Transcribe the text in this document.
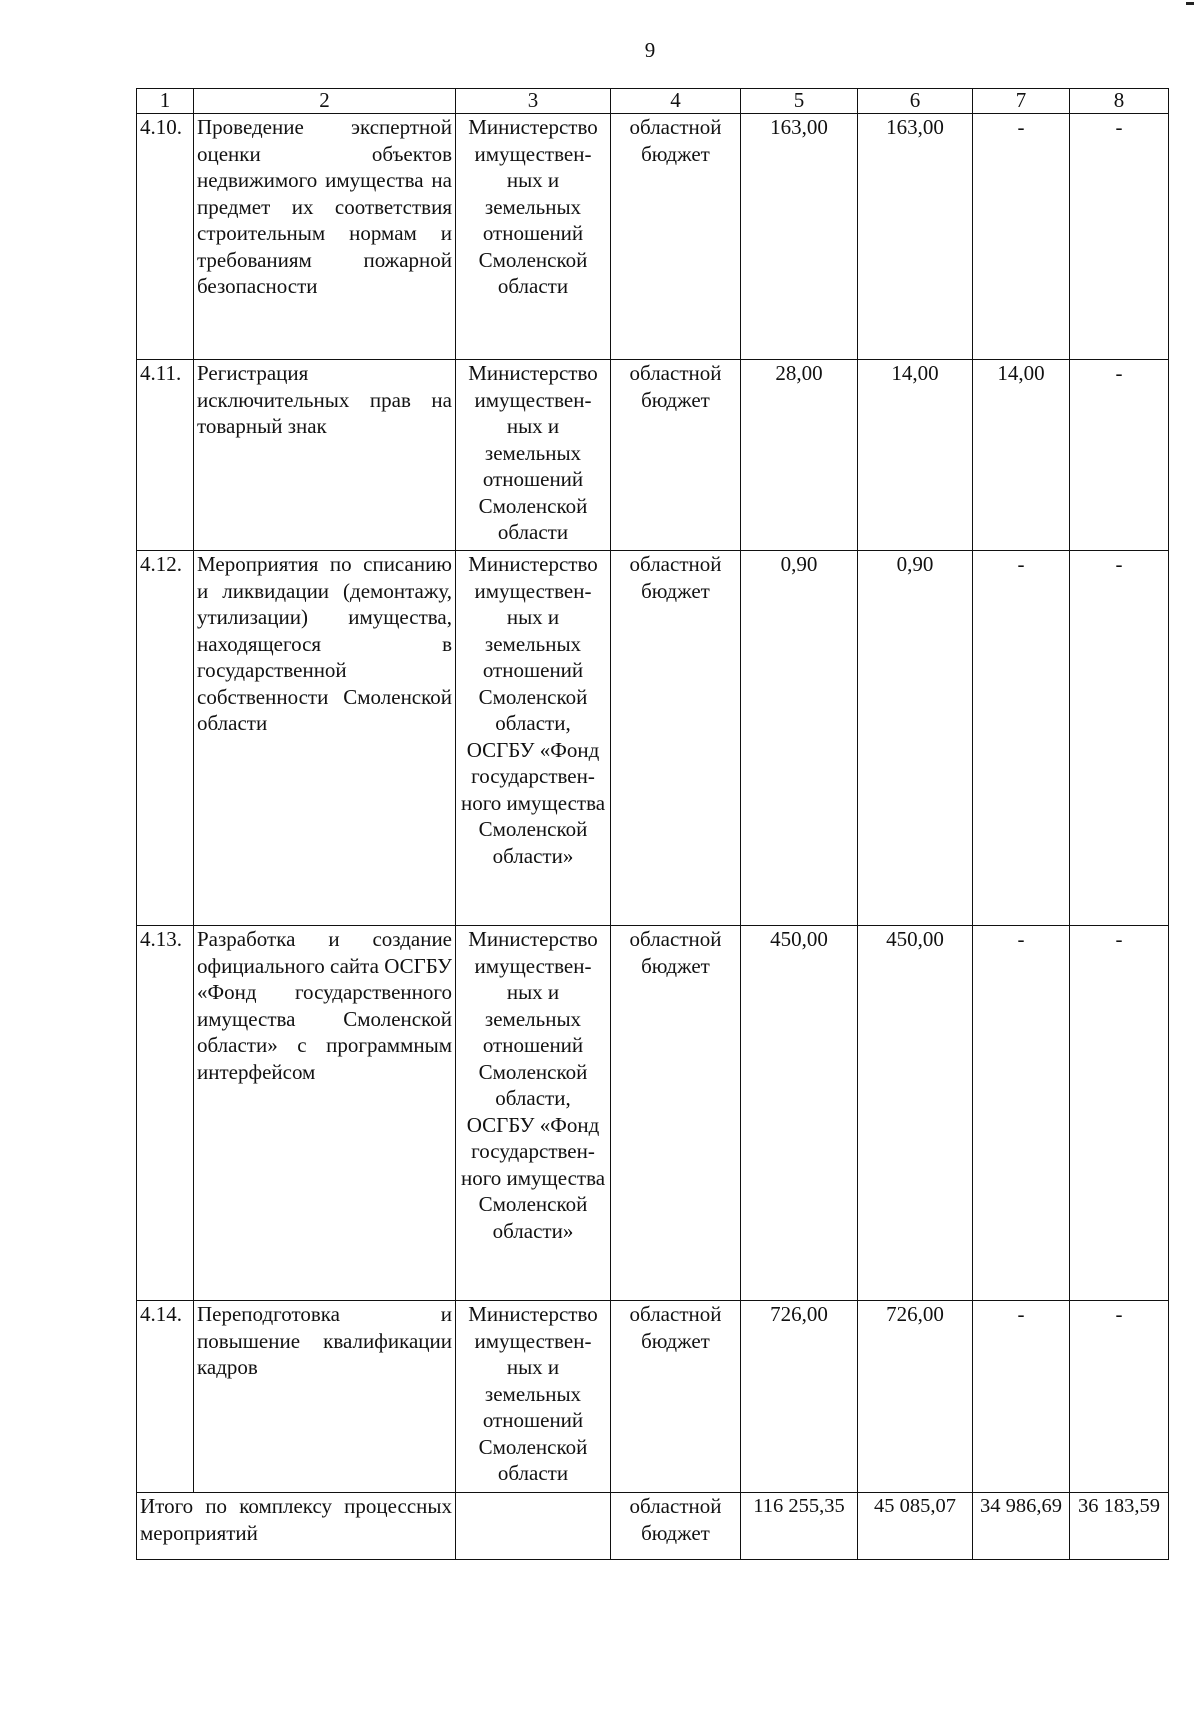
9
1	2	3	4	5	6	7	8
4.10.	Проведение экспертной оценки объектов недвижимого имущества на предмет их соответствия строительным нормам и требованиям пожарной безопасности	Министерство имуществен-ных и земельных отношений Смоленской области	областной бюджет	163,00	163,00	-	-
4.11.	Регистрация исключительных прав на товарный знак	Министерство имуществен-ных и земельных отношений Смоленской области	областной бюджет	28,00	14,00	14,00	-
4.12.	Мероприятия по списанию и ликвидации (демонтажу, утилизации) имущества, находящегося в государственной собственности Смоленской области	Министерство имуществен-ных и земельных отношений Смоленской области, ОСГБУ «Фонд государствен-ного имущества Смоленской области»	областной бюджет	0,90	0,90	-	-
4.13.	Разработка и создание официального сайта ОСГБУ «Фонд государственного имущества Смоленской области» с программным интерфейсом	Министерство имуществен-ных и земельных отношений Смоленской области, ОСГБУ «Фонд государствен-ного имущества Смоленской области»	областной бюджет	450,00	450,00	-	-
4.14.	Переподготовка и повышение квалификации кадров	Министерство имуществен-ных и земельных отношений Смоленской области	областной бюджет	726,00	726,00	-	-
Итого по комплексу процессных мероприятий			областной бюджет	116 255,35	45 085,07	34 986,69	36 183,59
